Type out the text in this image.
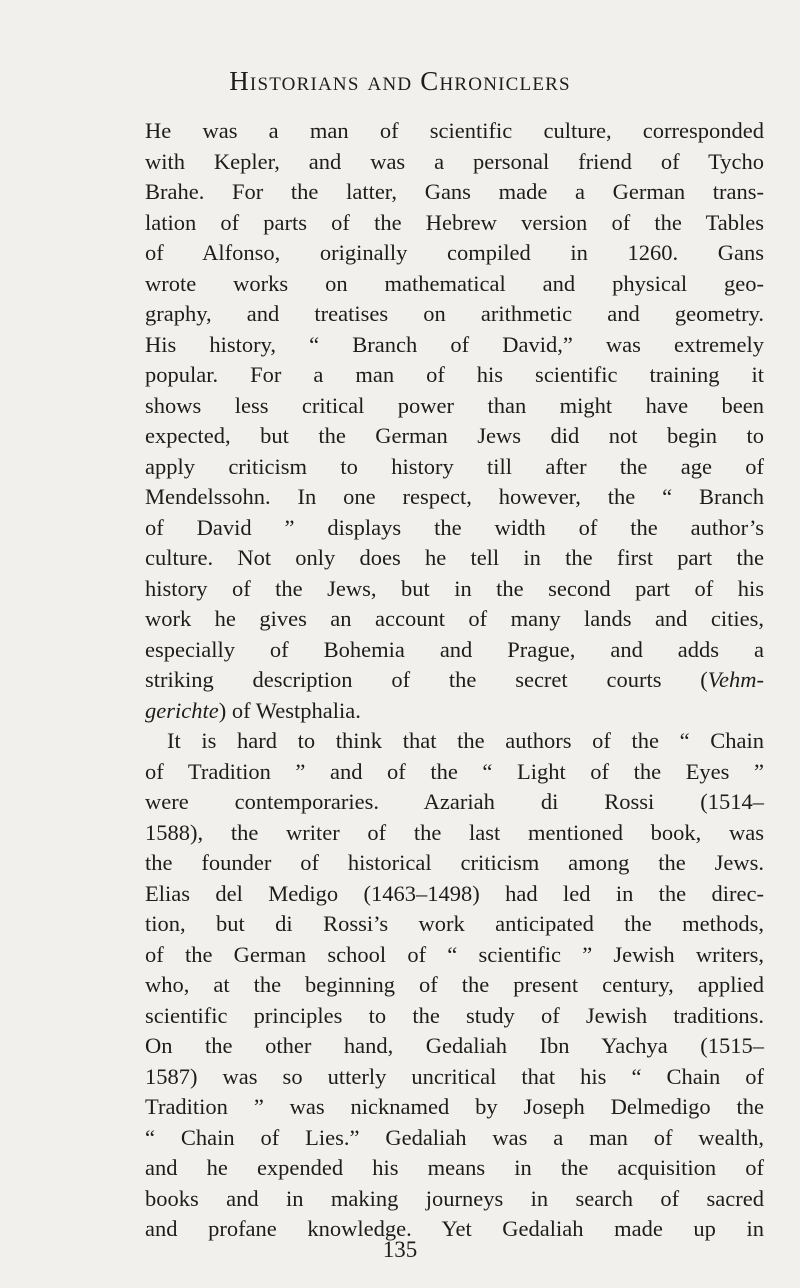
Historians and Chroniclers
He was a man of scientific culture, corresponded
with Kepler, and was a personal friend of Tycho
Brahe. For the latter, Gans made a German trans-
lation of parts of the Hebrew version of the Tables
of Alfonso, originally compiled in 1260. Gans
wrote works on mathematical and physical geo-
graphy, and treatises on arithmetic and geometry.
His history, “ Branch of David,” was extremely
popular. For a man of his scientific training it
shows less critical power than might have been
expected, but the German Jews did not begin to
apply criticism to history till after the age of
Mendelssohn. In one respect, however, the “ Branch
of David ” displays the width of the author’s
culture. Not only does he tell in the first part the
history of the Jews, but in the second part of his
work he gives an account of many lands and cities,
especially of Bohemia and Prague, and adds a
striking description of the secret courts (Vehm-
gerichte) of Westphalia.
It is hard to think that the authors of the “ Chain
of Tradition ” and of the “ Light of the Eyes ”
were contemporaries. Azariah di Rossi (1514–
1588), the writer of the last mentioned book, was
the founder of historical criticism among the Jews.
Elias del Medigo (1463–1498) had led in the direc-
tion, but di Rossi’s work anticipated the methods,
of the German school of “ scientific ” Jewish writers,
who, at the beginning of the present century, applied
scientific principles to the study of Jewish traditions.
On the other hand, Gedaliah Ibn Yachya (1515–
1587) was so utterly uncritical that his “ Chain of
Tradition ” was nicknamed by Joseph Delmedigo the
“ Chain of Lies.” Gedaliah was a man of wealth,
and he expended his means in the acquisition of
books and in making journeys in search of sacred
and profane knowledge. Yet Gedaliah made up in
135
